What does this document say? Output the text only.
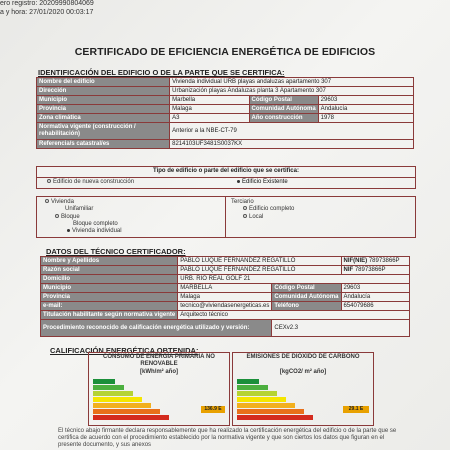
ero registro: 20209990804069
a y hora: 27/01/2020 00:03:17
CERTIFICADO DE EFICIENCIA ENERGÉTICA DE EDIFICIOS
IDENTIFICACIÓN DEL EDIFICIO O DE LA PARTE QUE SE CERTIFICA:
Nombre del edificio	Vivienda individual URB playas andaluzas apartamento 307		
Dirección	Urbanización playas Andaluzas planta 3 Apartamento 307		
Municipio	Marbella	Código Postal	29603
Provincia	Malaga	Comunidad Autónoma	Andalucía
Zona climática	A3	Año construcción	1978
Normativa vigente (construcción / rehabilitación)	Anterior a la NBE-CT-79		
Referencia/s catastral/es	8214103UF3481S0037KX		
Tipo de edificio o parte del edificio que se certifica:
Edificio de nueva construcción	Edificio Existente
Vivienda
Unifamiliar
Bloque
Bloque completo
Vivienda individual
Terciario
Edificio completo
Local
DATOS DEL TÉCNICO CERTIFICADOR:
Nombre y Apellidos	PABLO LUQUE FERNANDEZ REGATILLO		NIF(NIE) 78973866P
Razón social	PABLO LUQUE FERNANDEZ REGATILLO		NIF 78973866P
Domicilio	URB. RIO REAL GOLF 21		
Municipio	MARBELLA	Código Postal	29603
Provincia	Malaga	Comunidad Autónoma	Andalucía
e-mail:	tecnico@viviendasenergeticas.es	Teléfono	654079686
Titulación habilitante según normativa vigente	Arquitecto técnico		
Procedimiento reconocido de calificación energética utilizado y versión:		CEXv2.3	
CALIFICACIÓN ENERGÉTICA OBTENIDA:
CONSUMO DE ENERGÍA PRIMARIA NO RENOVABLE
[kWh/m² año]
136.9 E
EMISIONES DE DIÓXIDO DE CARBONO
[kgCO2/ m² año]
29.1 E
El técnico abajo firmante declara responsablemente que ha realizado la certificación energética del edificio o de la parte que se
certifica de acuerdo con el procedimiento establecido por la normativa vigente y que son ciertos los datos que figuran en el
presente documento, y sus anexos
